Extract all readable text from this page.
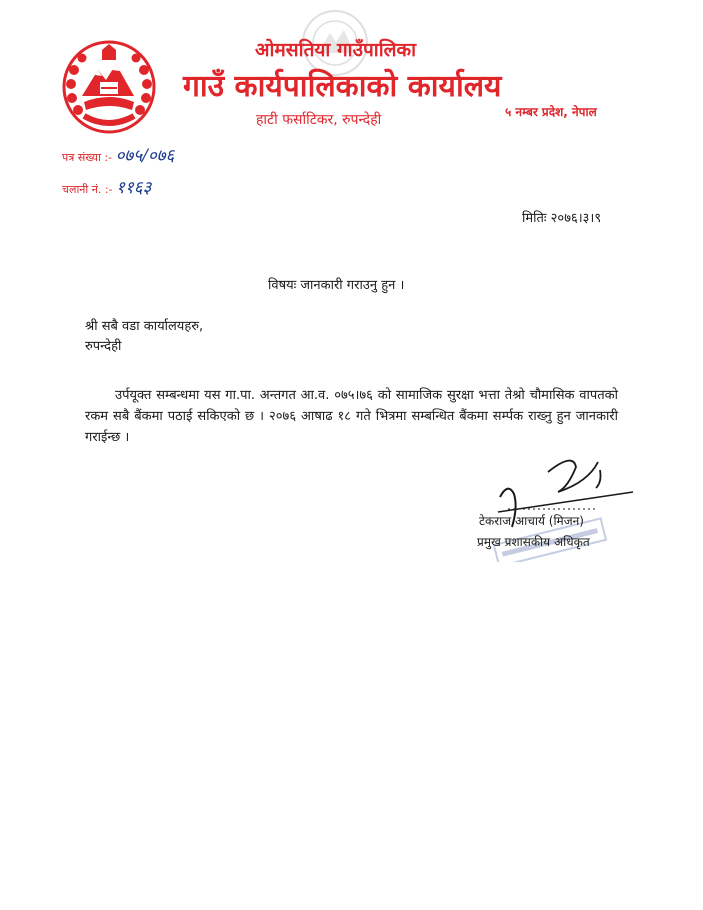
ओमसतिया गाउँपालिका
गाउँ कार्यपालिकाको कार्यालय
हाटी फर्साटिकर, रुपन्देही	५ नम्बर प्रदेश, नेपाल
पत्र संख्या :- ०७५/०७६
चलानी नं. :- ११६३
मितिः २०७६।३।९
विषयः जानकारी गराउनु हुन ।
श्री सबै वडा कार्यालयहरु,
रुपन्देही
उर्पयूक्त सम्बन्धमा यस गा.पा. अन्तगत आ.व. ०७५।७६ को सामाजिक सुरक्षा भत्ता तेश्रो चौमासिक वापतको रकम सबै बैंकमा पठाई सकिएको छ । २०७६ आषाढ १८ गते भित्रमा सम्बन्धित बैंकमा सर्म्पक राख्नु हुन जानकारी गराईन्छ ।
टेकराज आचार्य (मिजन)
प्रमुख प्रशासकीय अधिकृत
